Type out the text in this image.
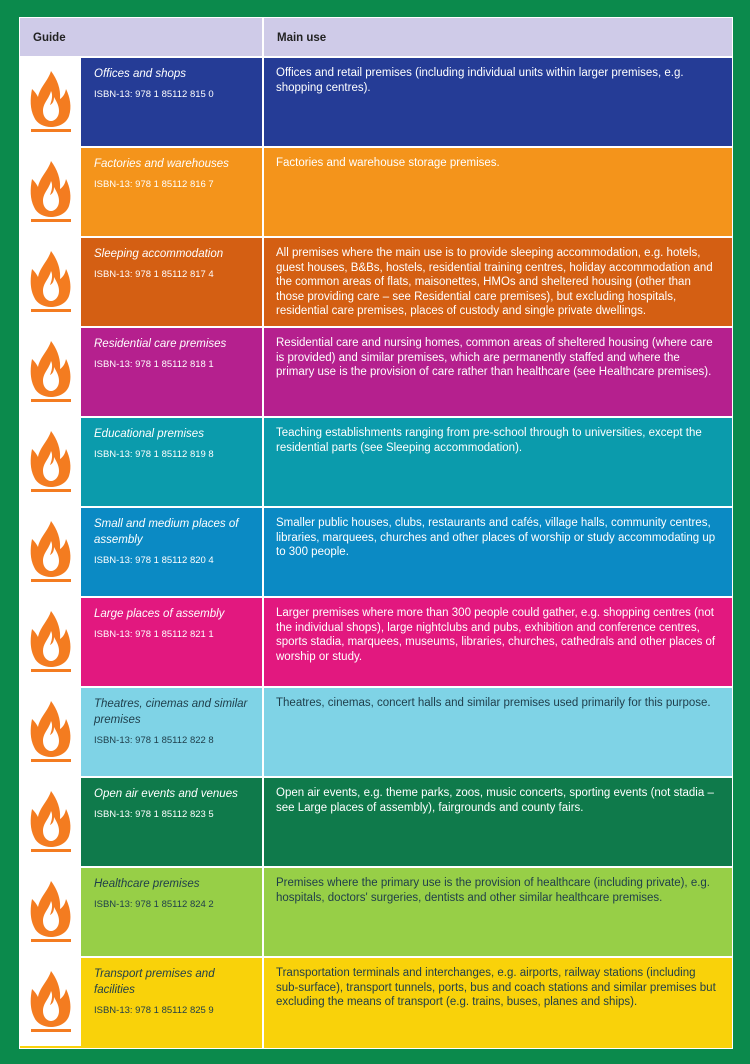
Guide	Main use
Offices and shops
ISBN-13: 978 1 85112 815 0
Offices and retail premises (including individual units within larger premises, e.g. shopping centres).
Factories and warehouses
ISBN-13: 978 1 85112 816 7
Factories and warehouse storage premises.
Sleeping accommodation
ISBN-13: 978 1 85112 817 4
All premises where the main use is to provide sleeping accommodation, e.g. hotels, guest houses, B&Bs, hostels, residential training centres, holiday accommodation and the common areas of flats, maisonettes, HMOs and sheltered housing (other than those providing care – see Residential care premises), but excluding hospitals, residential care premises, places of custody and single private dwellings.
Residential care premises
ISBN-13: 978 1 85112 818 1
Residential care and nursing homes, common areas of sheltered housing (where care is provided) and similar premises, which are permanently staffed and where the primary use is the provision of care rather than healthcare (see Healthcare premises).
Educational premises
ISBN-13: 978 1 85112 819 8
Teaching establishments ranging from pre-school through to universities, except the residential parts (see Sleeping accommodation).
Small and medium places of assembly
ISBN-13: 978 1 85112 820 4
Smaller public houses, clubs, restaurants and cafés, village halls, community centres, libraries, marquees, churches and other places of worship or study accommodating up to 300 people.
Large places of assembly
ISBN-13: 978 1 85112 821 1
Larger premises where more than 300 people could gather, e.g. shopping centres (not the individual shops), large nightclubs and pubs, exhibition and conference centres, sports stadia, marquees, museums, libraries, churches, cathedrals and other places of worship or study.
Theatres, cinemas and similar premises
ISBN-13: 978 1 85112 822 8
Theatres, cinemas, concert halls and similar premises used primarily for this purpose.
Open air events and venues
ISBN-13: 978 1 85112 823 5
Open air events, e.g. theme parks, zoos, music concerts, sporting events (not stadia – see Large places of assembly), fairgrounds and county fairs.
Healthcare premises
ISBN-13: 978 1 85112 824 2
Premises where the primary use is the provision of healthcare (including private), e.g. hospitals, doctors' surgeries, dentists and other similar healthcare premises.
Transport premises and facilities
ISBN-13: 978 1 85112 825 9
Transportation terminals and interchanges, e.g. airports, railway stations (including sub-surface), transport tunnels, ports, bus and coach stations and similar premises but excluding the means of transport (e.g. trains, buses, planes and ships).
